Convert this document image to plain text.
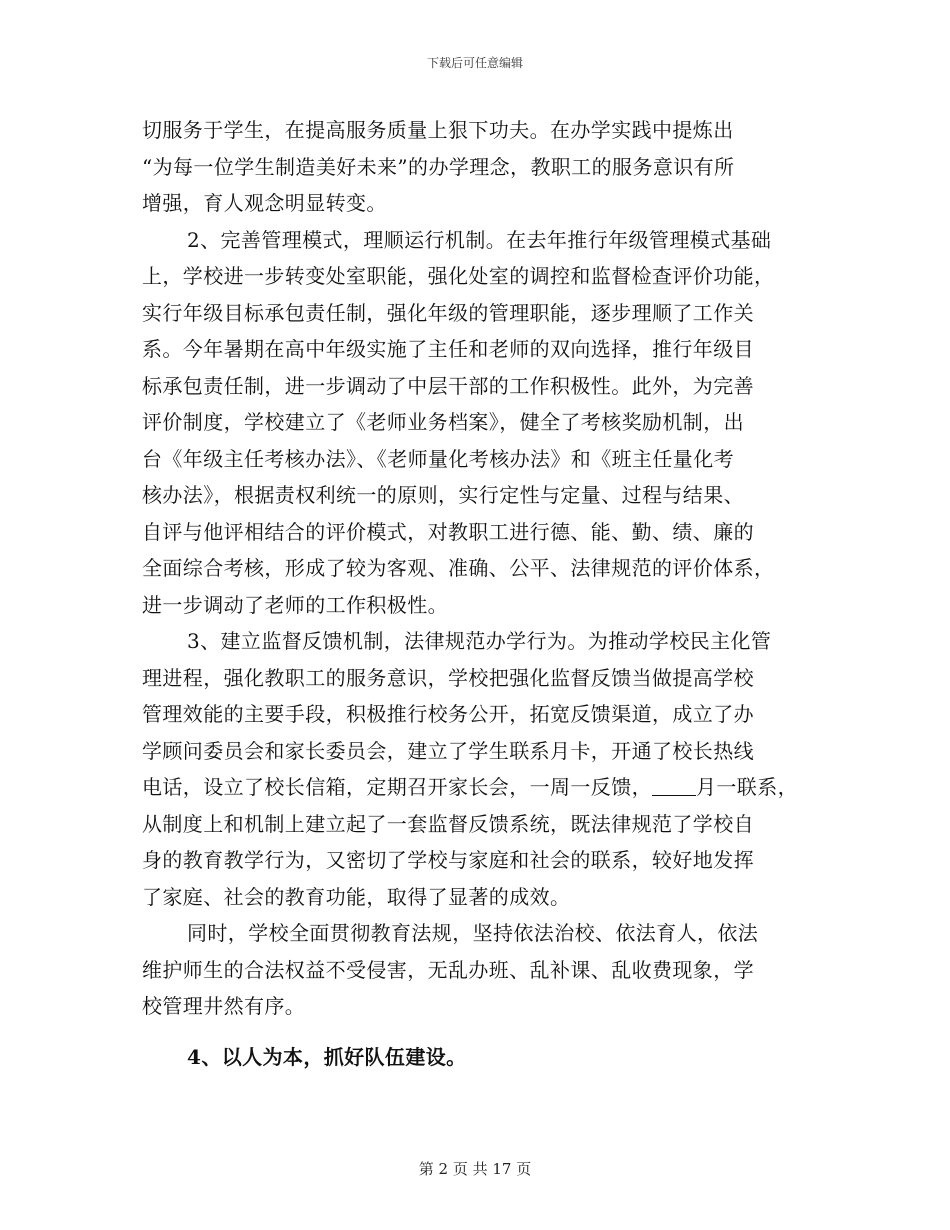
下载后可任意编辑
切服务于学生，在提高服务质量上狠下功夫。在办学实践中提炼出
“为每一位学生制造美好未来”的办学理念，教职工的服务意识有所
增强，育人观念明显转变。
2、完善管理模式，理顺运行机制。在去年推行年级管理模式基础
上，学校进一步转变处室职能，强化处室的调控和监督检查评价功能，
实行年级目标承包责任制，强化年级的管理职能，逐步理顺了工作关
系。今年暑期在高中年级实施了主任和老师的双向选择，推行年级目
标承包责任制，进一步调动了中层干部的工作积极性。此外，为完善
评价制度，学校建立了《老师业务档案》，健全了考核奖励机制，出
台《年级主任考核办法》、《老师量化考核办法》和《班主任量化考
核办法》，根据责权利统一的原则，实行定性与定量、过程与结果、
自评与他评相结合的评价模式，对教职工进行德、能、勤、绩、廉的
全面综合考核，形成了较为客观、准确、公平、法律规范的评价体系，
进一步调动了老师的工作积极性。
3、建立监督反馈机制，法律规范办学行为。为推动学校民主化管
理进程，强化教职工的服务意识，学校把强化监督反馈当做提高学校
管理效能的主要手段，积极推行校务公开，拓宽反馈渠道，成立了办
学顾问委员会和家长委员会，建立了学生联系月卡，开通了校长热线
电话，设立了校长信箱，定期召开家长会，一周一反馈， 月一联系，
从制度上和机制上建立起了一套监督反馈系统，既法律规范了学校自
身的教育教学行为，又密切了学校与家庭和社会的联系，较好地发挥
了家庭、社会的教育功能，取得了显著的成效。
同时，学校全面贯彻教育法规，坚持依法治校、依法育人，依法
维护师生的合法权益不受侵害，无乱办班、乱补课、乱收费现象，学
校管理井然有序。
4、以人为本，抓好队伍建设。
第 2 页 共 17 页
